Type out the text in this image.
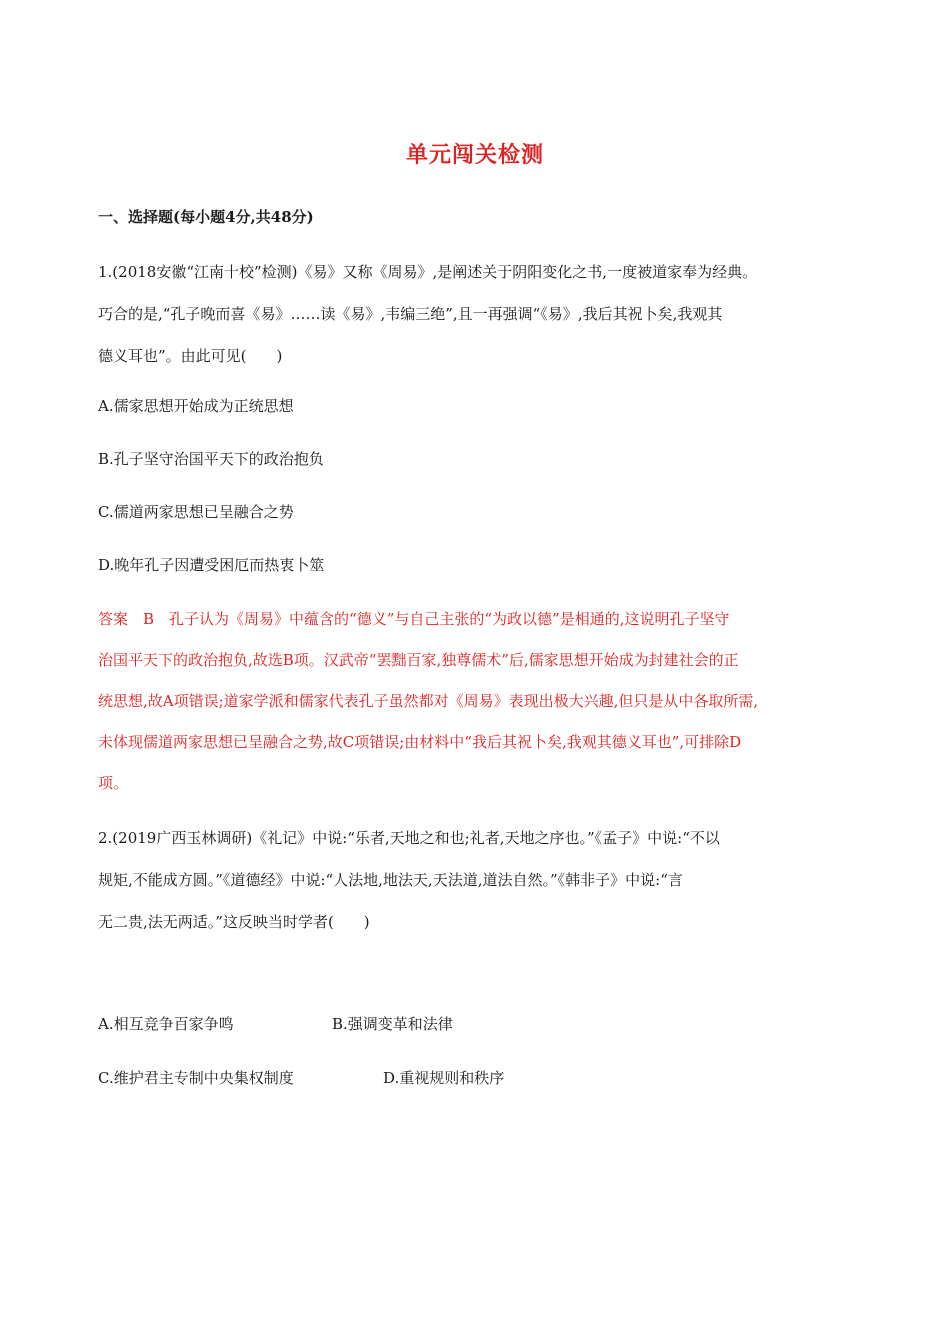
单元闯关检测
一、选择题(每小题4分,共48分)
1.(2018安徽“江南十校”检测)《易》又称《周易》,是阐述关于阴阳变化之书,一度被道家奉为经典。
巧合的是,“孔子晚而喜《易》……读《易》,韦编三绝”,且一再强调“《易》,我后其祝卜矣,我观其
德义耳也”。由此可见(　　)
A.儒家思想开始成为正统思想
B.孔子坚守治国平天下的政治抱负
C.儒道两家思想已呈融合之势
D.晚年孔子因遭受困厄而热衷卜筮
答案　B　孔子认为《周易》中蕴含的“德义”与自己主张的“为政以德”是相通的,这说明孔子坚守
治国平天下的政治抱负,故选B项。汉武帝“罢黜百家,独尊儒术”后,儒家思想开始成为封建社会的正
统思想,故A项错误;道家学派和儒家代表孔子虽然都对《周易》表现出极大兴趣,但只是从中各取所需,
未体现儒道两家思想已呈融合之势,故C项错误;由材料中“我后其祝卜矣,我观其德义耳也”,可排除D
项。
2.(2019广西玉林调研)《礼记》中说:“乐者,天地之和也;礼者,天地之序也。”《孟子》中说:“不以
规矩,不能成方圆。”《道德经》中说:“人法地,地法天,天法道,道法自然。”《韩非子》中说:“言
无二贵,法无两适。”这反映当时学者(　　)
A.相互竞争百家争鸣	B.强调变革和法律
C.维护君主专制中央集权制度	D.重视规则和秩序
